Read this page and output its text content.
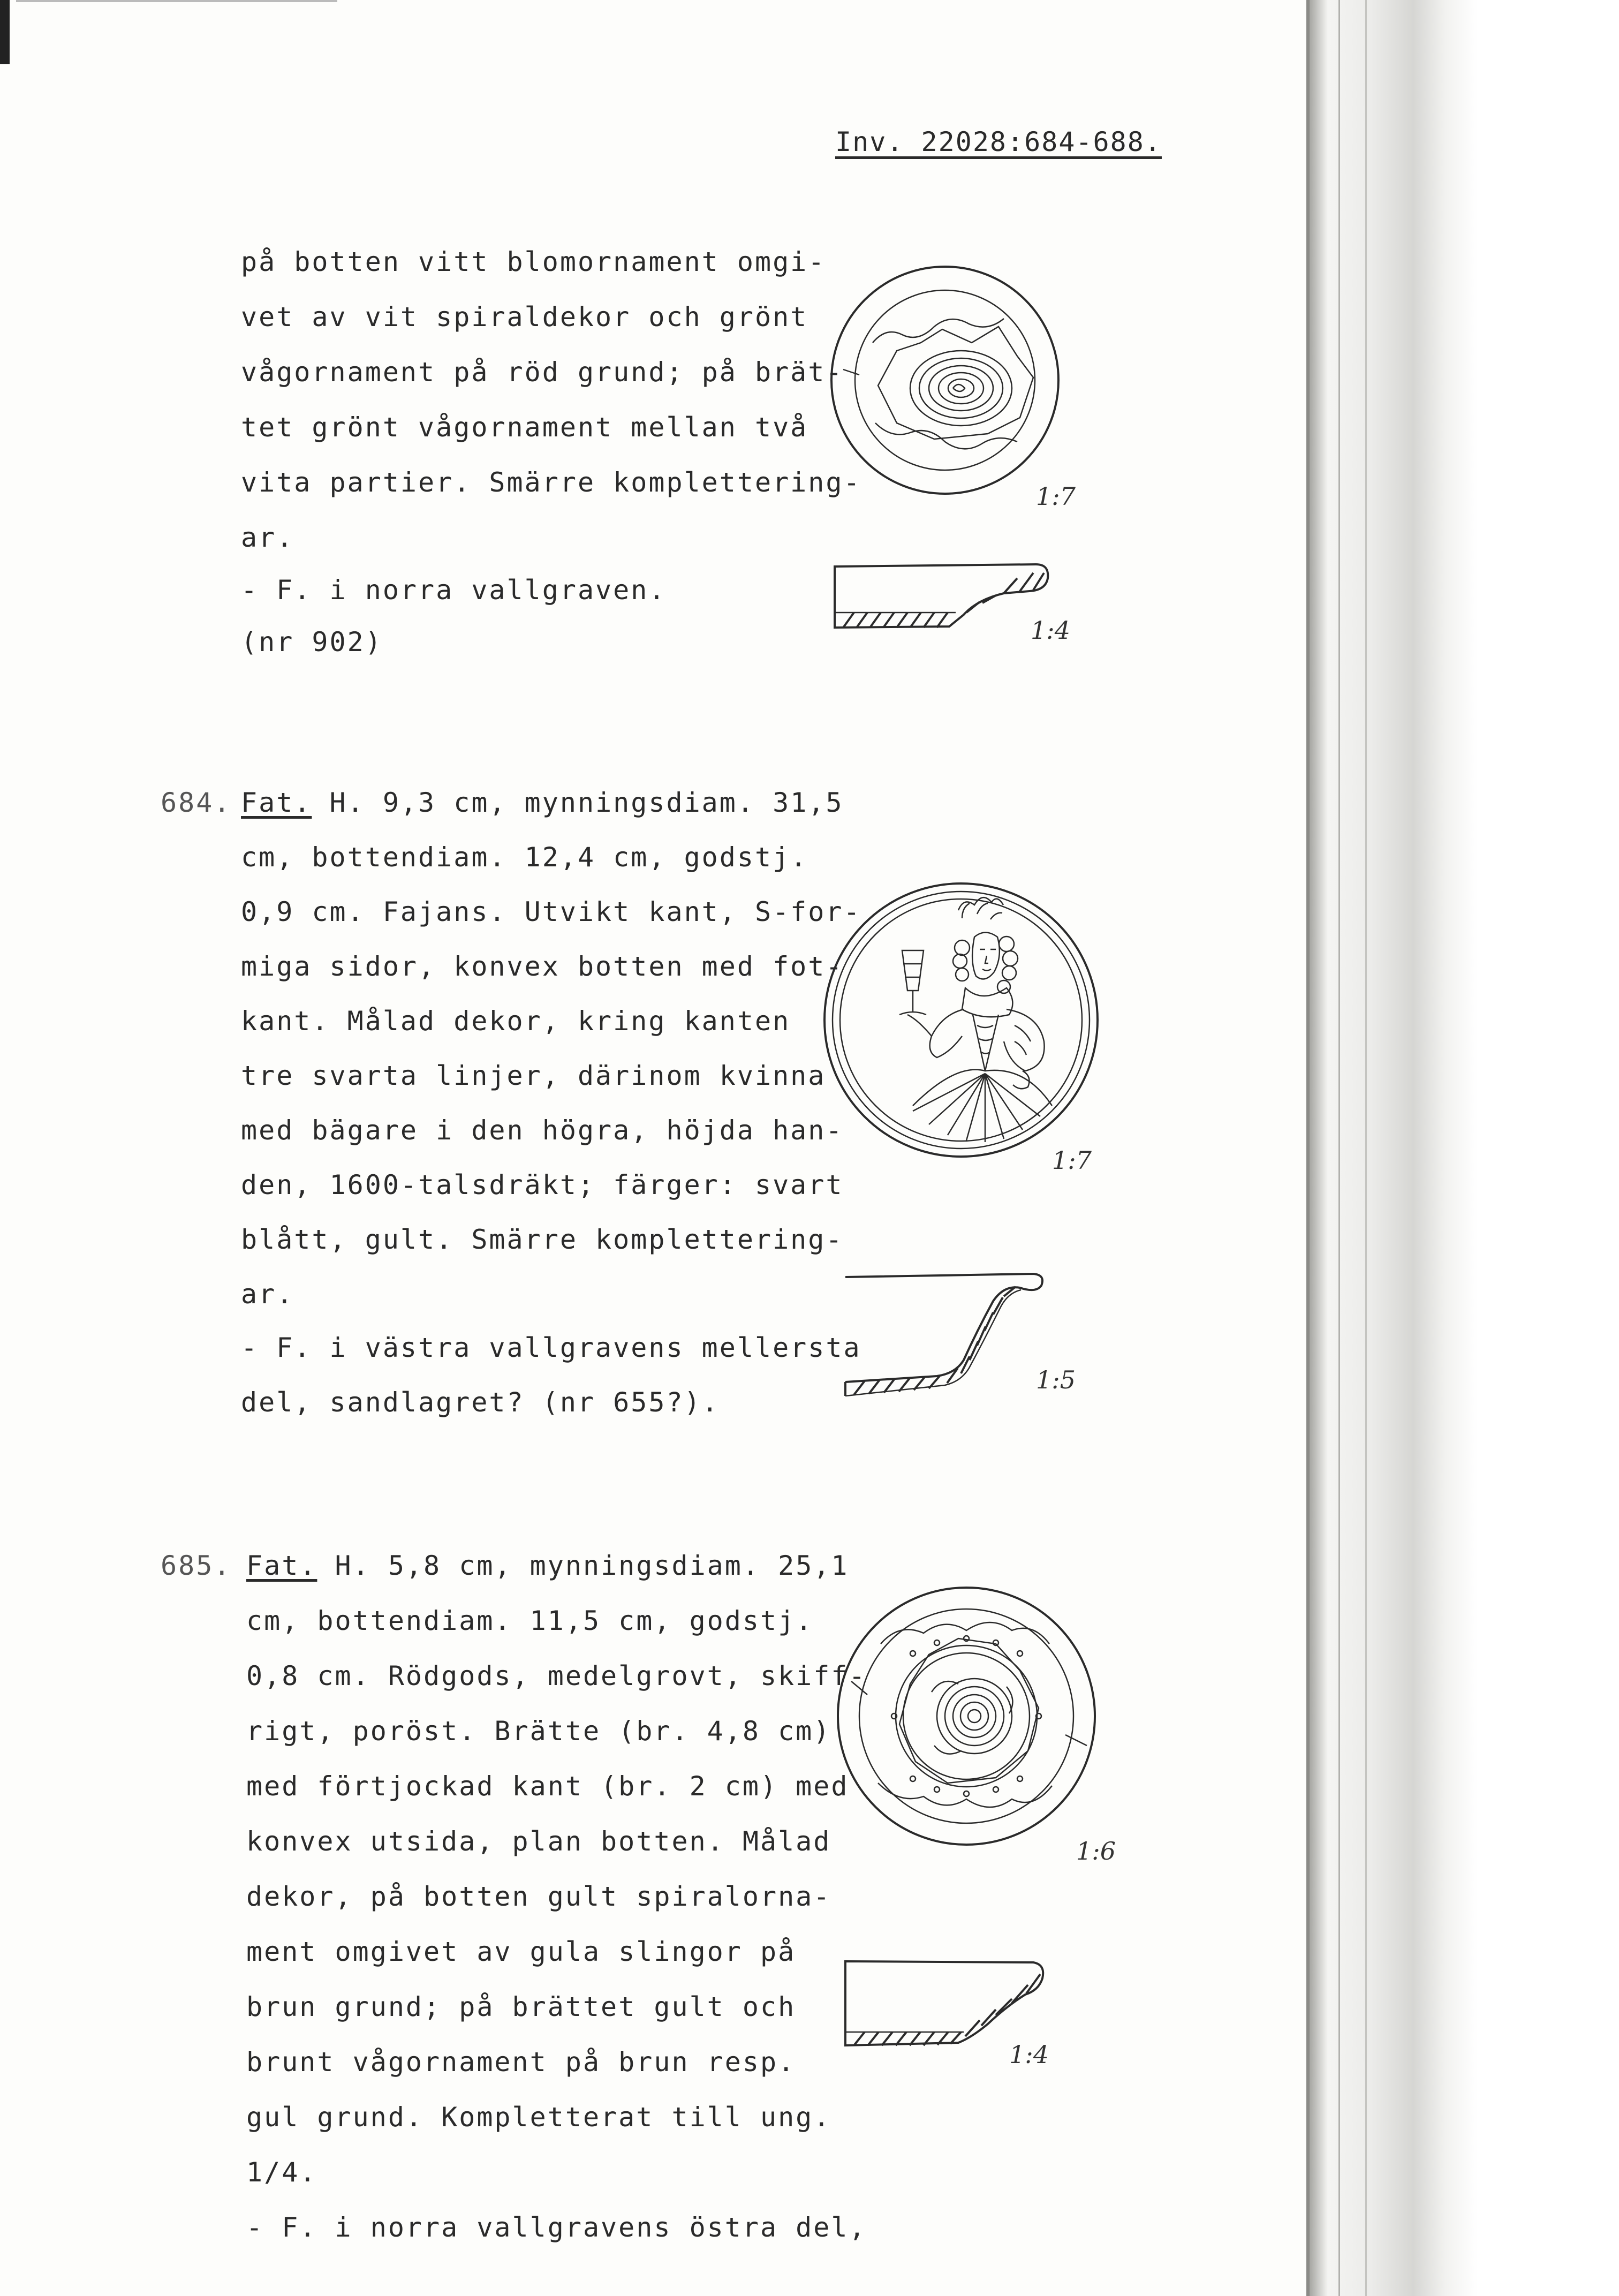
Inv. 22028:684-688.
på botten vitt blomornament omgi-
vet av vit spiraldekor och grönt
vågornament på röd grund; på brät-
tet grönt vågornament mellan två
vita partier. Smärre komplettering-
ar.
- F. i norra vallgraven.
(nr 902)
1:7
1:4
684. Fat. H. 9,3 cm, mynningsdiam. 31,5
cm, bottendiam. 12,4 cm, godstj.
0,9 cm. Fajans. Utvikt kant, S-for-
miga sidor, konvex botten med fot-
kant. Målad dekor, kring kanten
tre svarta linjer, därinom kvinna
med bägare i den högra, höjda han-
den, 1600-talsdräkt; färger: svart
blått, gult. Smärre komplettering-
ar.
- F. i västra vallgravens mellersta
del, sandlagret? (nr 655?).
1:7
1:5
685. Fat. H. 5,8 cm, mynningsdiam. 25,1
cm, bottendiam. 11,5 cm, godstj.
0,8 cm. Rödgods, medelgrovt, skiff-
rigt, poröst. Brätte (br. 4,8 cm)
med förtjockad kant (br. 2 cm) med
konvex utsida, plan botten. Målad
dekor, på botten gult spiralorna-
ment omgivet av gula slingor på
brun grund; på brättet gult och
brunt vågornament på brun resp.
gul grund. Kompletterat till ung.
1/4.
- F. i norra vallgravens östra del,
1:6
1:4
